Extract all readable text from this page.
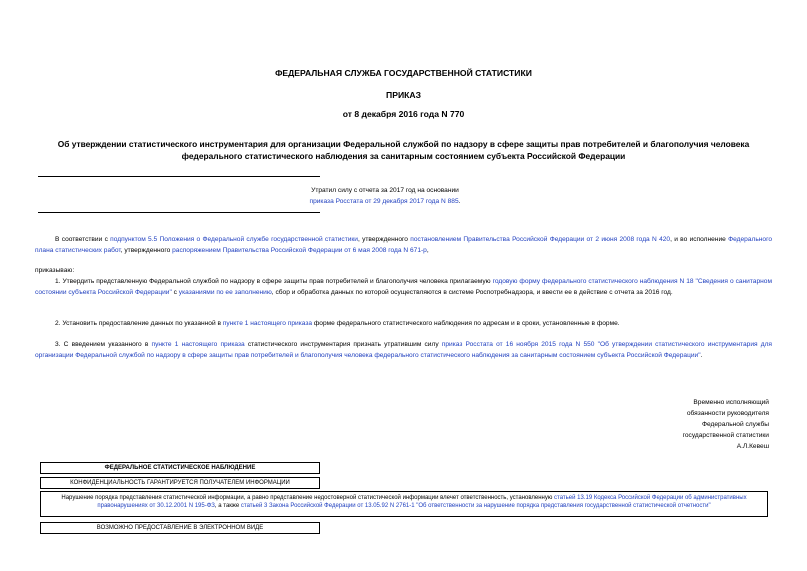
ФЕДЕРАЛЬНАЯ СЛУЖБА ГОСУДАРСТВЕННОЙ СТАТИСТИКИ
ПРИКАЗ
от 8 декабря 2016 года N 770
Об утверждении статистического инструментария для организации Федеральной службой по надзору в сфере защиты прав потребителей и благополучия человека федерального статистического наблюдения за санитарным состоянием субъекта Российской Федерации
Утратил силу с отчета за 2017 год на основании
приказа Росстата от 29 декабря 2017 года N 885.

В соответствии с подпунктом 5.5 Положения о Федеральной службе государственной статистики, утвержденного постановлением Правительства Российской Федерации от 2 июня 2008 года N 420, и во исполнение Федерального плана статистических работ, утвержденного распоряжением Правительства Российской Федерации от 6 мая 2008 года N 671-р,

приказываю:

1. Утвердить представленную Федеральной службой по надзору в сфере защиты прав потребителей и благополучия человека прилагаемую годовую форму федерального статистического наблюдения N 18 "Сведения о санитарном состоянии субъекта Российской Федерации" с указаниями по ее заполнению, сбор и обработка данных по которой осуществляются в системе Роспотребнадзора, и ввести ее в действие с отчета за 2016 год.

2. Установить предоставление данных по указанной в пункте 1 настоящего приказа форме федерального статистического наблюдения по адресам и в сроки, установленные в форме.

3. С введением указанного в пункте 1 настоящего приказа статистического инструментария признать утратившим силу приказ Росстата от 16 ноября 2015 года N 550 "Об утверждении статистического инструментария для организации Федеральной службой по надзору в сфере защиты прав потребителей и благополучия человека федерального статистического наблюдения за санитарным состоянием субъекта Российской Федерации".

Временно исполняющий
обязанности руководителя
Федеральной службы
государственной статистики
А.Л.Кевеш
ФЕДЕРАЛЬНОЕ СТАТИСТИЧЕСКОЕ НАБЛЮДЕНИЕ
КОНФИДЕНЦИАЛЬНОСТЬ ГАРАНТИРУЕТСЯ ПОЛУЧАТЕЛЕМ ИНФОРМАЦИИ
Нарушение порядка представления статистической информации, а равно представление недостоверной статистической информации влечет ответственность, установленную статьей 13.19 Кодекса Российской Федерации об административных правонарушениях от 30.12.2001 N 195-ФЗ, а также статьей 3 Закона Российской Федерации от 13.05.92 N 2761-1 "Об ответственности за нарушение порядка представления государственной статистической отчетности"
ВОЗМОЖНО ПРЕДОСТАВЛЕНИЕ В ЭЛЕКТРОННОМ ВИДЕ
